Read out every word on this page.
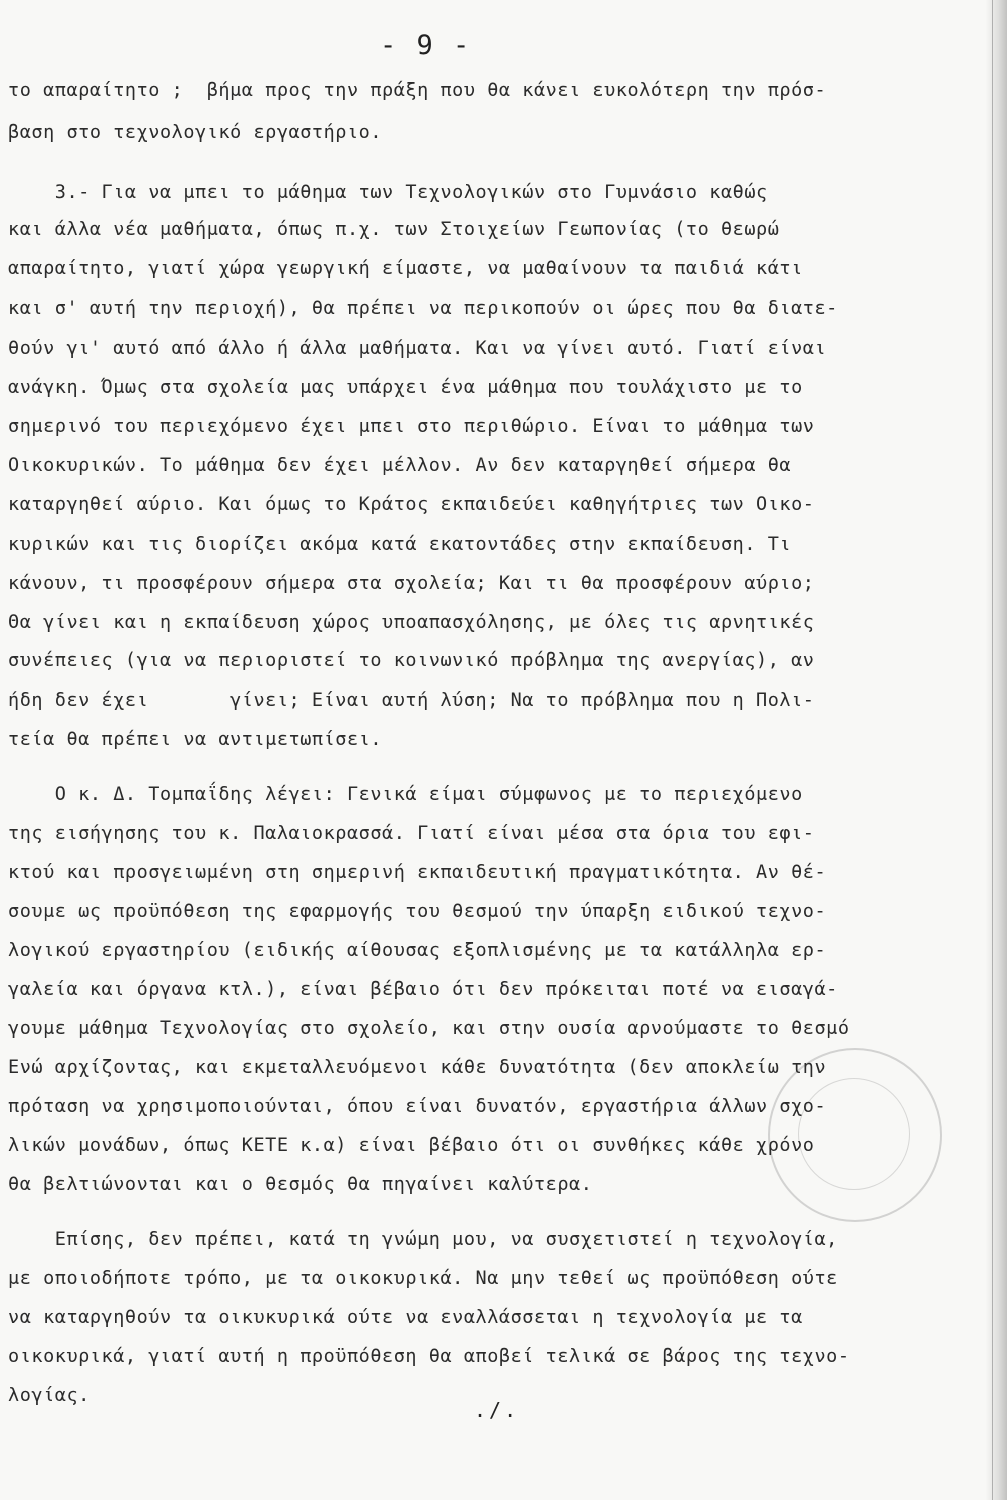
- 9 -

το απαραίτητο ;  βήμα προς την πράξη που θα κάνει ευκολότερη την πρόσ-

βαση στο τεχνολογικό εργαστήριο.

3.- Για να μπει το μάθημα των Τεχνολογικών στο Γυμνάσιο καθώς

και άλλα νέα μαθήματα, όπως π.χ. των Στοιχείων Γεωπονίας (το θεωρώ

απαραίτητο, γιατί χώρα γεωργική είμαστε, να μαθαίνουν τα παιδιά κάτι

και σ' αυτή την περιοχή), θα πρέπει να περικοπούν οι ώρες που θα διατε-

θούν γι' αυτό από άλλο ή άλλα μαθήματα. Και να γίνει αυτό. Γιατί είναι

ανάγκη. Όμως στα σχολεία μας υπάρχει ένα μάθημα που τουλάχιστο με το

σημερινό του περιεχόμενο έχει μπει στο περιθώριο. Είναι το μάθημα των

Οικοκυρικών. Το μάθημα δεν έχει μέλλον. Αν δεν καταργηθεί σήμερα θα

καταργηθεί αύριο. Και όμως το Κράτος εκπαιδεύει καθηγήτριες των Οικο-

κυρικών και τις διορίζει ακόμα κατά εκατοντάδες στην εκπαίδευση. Τι

κάνουν, τι προσφέρουν σήμερα στα σχολεία; Και τι θα προσφέρουν αύριο;

Θα γίνει και η εκπαίδευση χώρος υποαπασχόλησης, με όλες τις αρνητικές

συνέπειες (για να περιοριστεί το κοινωνικό πρόβλημα της ανεργίας), αν

ήδη δεν έχει       γίνει; Είναι αυτή λύση; Να το πρόβλημα που η Πολι-

τεία θα πρέπει να αντιμετωπίσει.

Ο κ. Δ. Τομπαΐδης λέγει: Γενικά είμαι σύμφωνος με το περιεχόμενο

της εισήγησης του κ. Παλαιοκρασσά. Γιατί είναι μέσα στα όρια του εφι-

κτού και προσγειωμένη στη σημερινή εκπαιδευτική πραγματικότητα. Αν θέ-

σουμε ως προϋπόθεση της εφαρμογής του θεσμού την ύπαρξη ειδικού τεχνο-

λογικού εργαστηρίου (ειδικής αίθουσας εξοπλισμένης με τα κατάλληλα ερ-

γαλεία και όργανα κτλ.), είναι βέβαιο ότι δεν πρόκειται ποτέ να εισαγά-

γουμε μάθημα Τεχνολογίας στο σχολείο, και στην ουσία αρνούμαστε το θεσμό

Ενώ αρχίζοντας, και εκμεταλλευόμενοι κάθε δυνατότητα (δεν αποκλείω την

πρόταση να χρησιμοποιούνται, όπου είναι δυνατόν, εργαστήρια άλλων σχο-

λικών μονάδων, όπως ΚΕΤΕ κ.α) είναι βέβαιο ότι οι συνθήκες κάθε χρόνο

θα βελτιώνονται και ο θεσμός θα πηγαίνει καλύτερα.

Επίσης, δεν πρέπει, κατά τη γνώμη μου, να συσχετιστεί η τεχνολογία,

με οποιοδήποτε τρόπο, με τα οικοκυρικά. Να μην τεθεί ως προϋπόθεση ούτε

να καταργηθούν τα οικυκυρικά ούτε να εναλλάσσεται η τεχνολογία με τα

οικοκυρικά, γιατί αυτή η προϋπόθεση θα αποβεί τελικά σε βάρος της τεχνο-

λογίας.

./.
